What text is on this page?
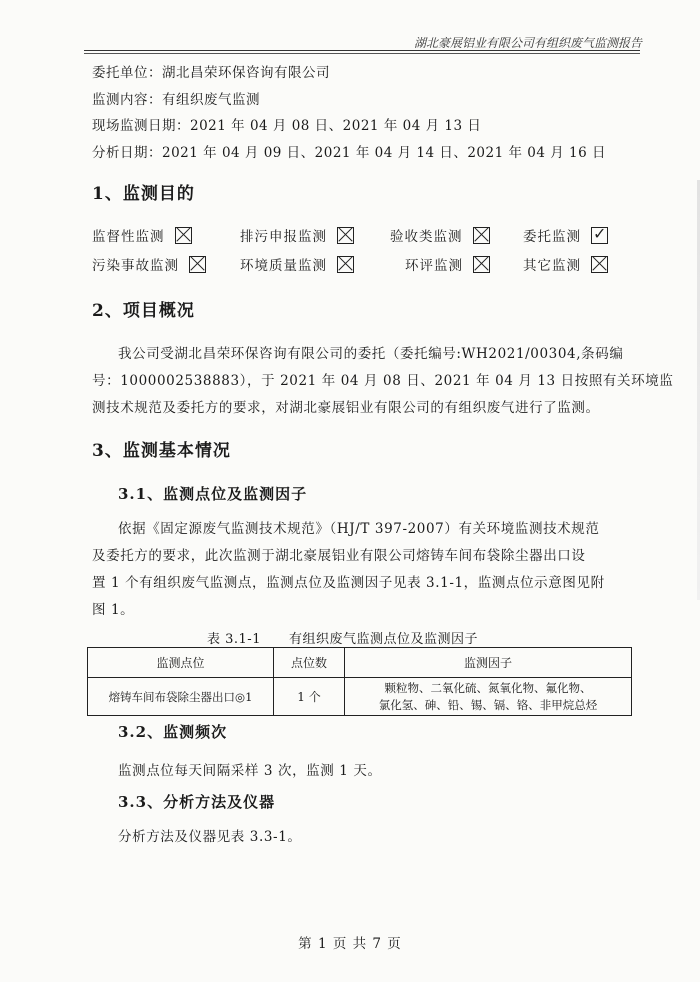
湖北豪展铝业有限公司有组织废气监测报告
委托单位：湖北昌荣环保咨询有限公司
监测内容：有组织废气监测
现场监测日期：2021 年 04 月 08 日、2021 年 04 月 13 日
分析日期：2021 年 04 月 09 日、2021 年 04 月 14 日、2021 年 04 月 16 日
1、监测目的
监督性监测	排污申报监测	验收类监测	委托监测 ✓
污染事故监测	环境质量监测	环评监测	其它监测
2、项目概况
我公司受湖北昌荣环保咨询有限公司的委托（委托编号:WH2021/00304,条码编
号：1000002538883），于 2021 年 04 月 08 日、2021 年 04 月 13 日按照有关环境监
测技术规范及委托方的要求，对湖北豪展铝业有限公司的有组织废气进行了监测。
3、监测基本情况
3.1、监测点位及监测因子
依据《固定源废气监测技术规范》（HJ/T 397-2007）有关环境监测技术规范
及委托方的要求，此次监测于湖北豪展铝业有限公司熔铸车间布袋除尘器出口设
置 1 个有组织废气监测点，监测点位及监测因子见表 3.1-1，监测点位示意图见附
图 1。
表 3.1-1 有组织废气监测点位及监测因子
监测点位	点位数	监测因子
熔铸车间布袋除尘器出口◎1	1 个	颗粒物、二氧化硫、氮氧化物、氟化物、
氯化氢、砷、铅、锡、镉、铬、非甲烷总烃
3.2、监测频次
监测点位每天间隔采样 3 次，监测 1 天。
3.3、分析方法及仪器
分析方法及仪器见表 3.3-1。
第 1 页 共 7 页
